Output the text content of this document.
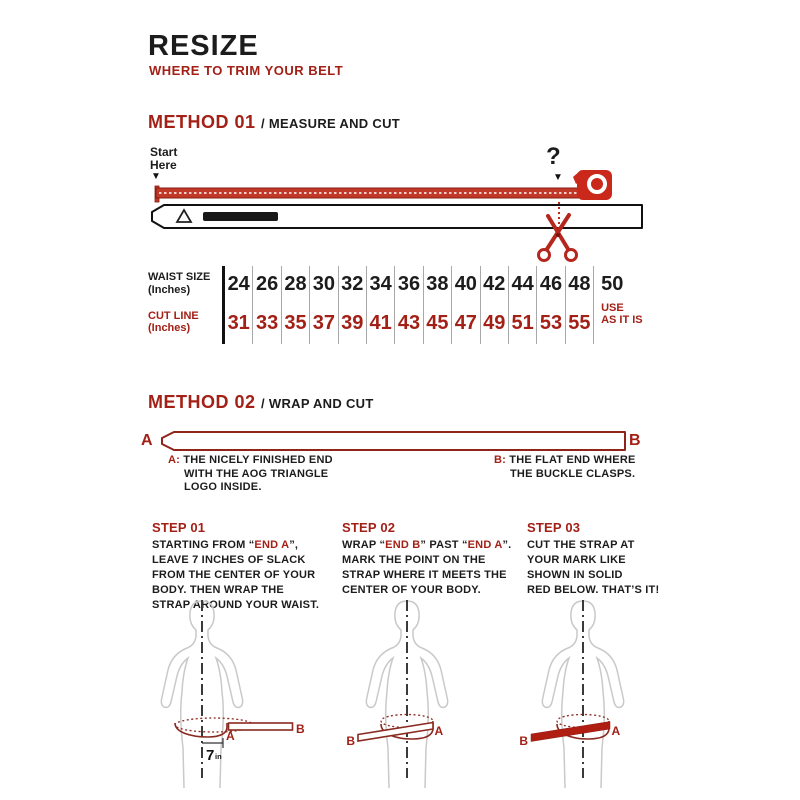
RESIZE
WHERE TO TRIM YOUR BELT
METHOD 01 / MEASURE AND CUT
Start
Here
▼
?
▼
WAIST SIZE
(Inches)
CUT LINE
(Inches)
24
31
26
33
28
35
30
37
32
39
34
41
36
43
38
45
40
47
42
49
44
51
46
53
48
55
50
USE
AS IT IS
METHOD 02 / WRAP AND CUT
A	B
A: THE NICELY FINISHED END
WITH THE AOG TRIANGLE
LOGO INSIDE.
B: THE FLAT END WHERE
THE BUCKLE CLASPS.
STEP 01
STARTING FROM “END A”,
LEAVE 7 INCHES OF SLACK
FROM THE CENTER OF YOUR
BODY. THEN WRAP THE
STRAP AROUND YOUR WAIST.
STEP 02
WRAP “END B” PAST “END A”.
MARK THE POINT ON THE
STRAP WHERE IT MEETS THE
CENTER OF YOUR BODY.
STEP 03
CUT THE STRAP AT
YOUR MARK LIKE
SHOWN IN SOLID
RED BELOW. THAT’S IT!
B
A
7 in
B
A
B
A
